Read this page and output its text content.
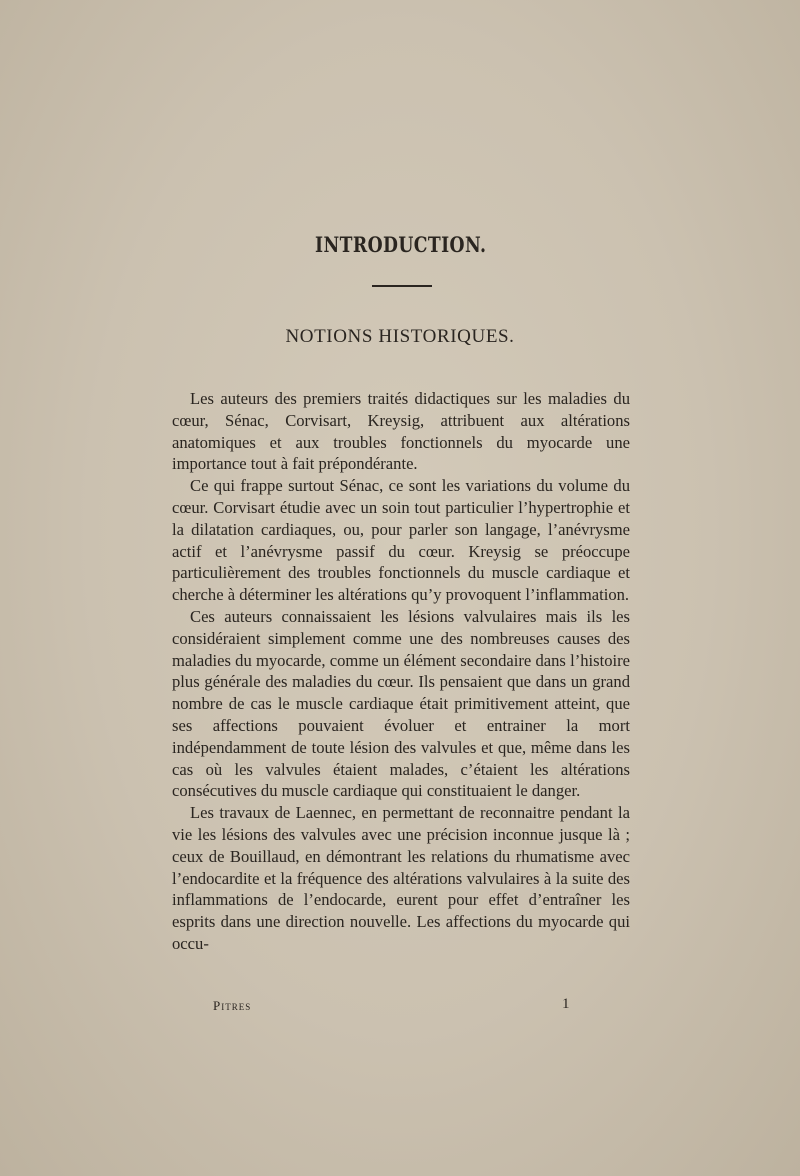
INTRODUCTION.
NOTIONS HISTORIQUES.

Les auteurs des premiers traités didactiques sur les maladies du cœur, Sénac, Corvisart, Kreysig, attribuent aux altérations anatomiques et aux troubles fonctionnels du myocarde une importance tout à fait prépondérante.

Ce qui frappe surtout Sénac, ce sont les variations du volume du cœur. Corvisart étudie avec un soin tout particulier l’hypertrophie et la dilatation cardiaques, ou, pour parler son langage, l’anévrysme actif et l’anévrysme passif du cœur. Kreysig se préoccupe particulièrement des troubles fonctionnels du muscle cardiaque et cherche à déterminer les altérations qu’y provoquent l’inflammation.

Ces auteurs connaissaient les lésions valvulaires mais ils les considéraient simplement comme une des nombreuses causes des maladies du myocarde, comme un élément secondaire dans l’histoire plus générale des maladies du cœur. Ils pensaient que dans un grand nombre de cas le muscle cardiaque était primitivement atteint, que ses affections pouvaient évoluer et entrainer la mort indépendamment de toute lésion des valvules et que, même dans les cas où les valvules étaient malades, c’étaient les altérations consécutives du muscle cardiaque qui constituaient le danger.

Les travaux de Laennec, en permettant de reconnaitre pendant la vie les lésions des valvules avec une précision inconnue jusque là ; ceux de Bouillaud, en démontrant les relations du rhumatisme avec l’endocardite et la fréquence des altérations valvulaires à la suite des inflammations de l’endocarde, eurent pour effet d’entraîner les esprits dans une direction nouvelle. Les affections du myocarde qui occu-

Pitres	1
